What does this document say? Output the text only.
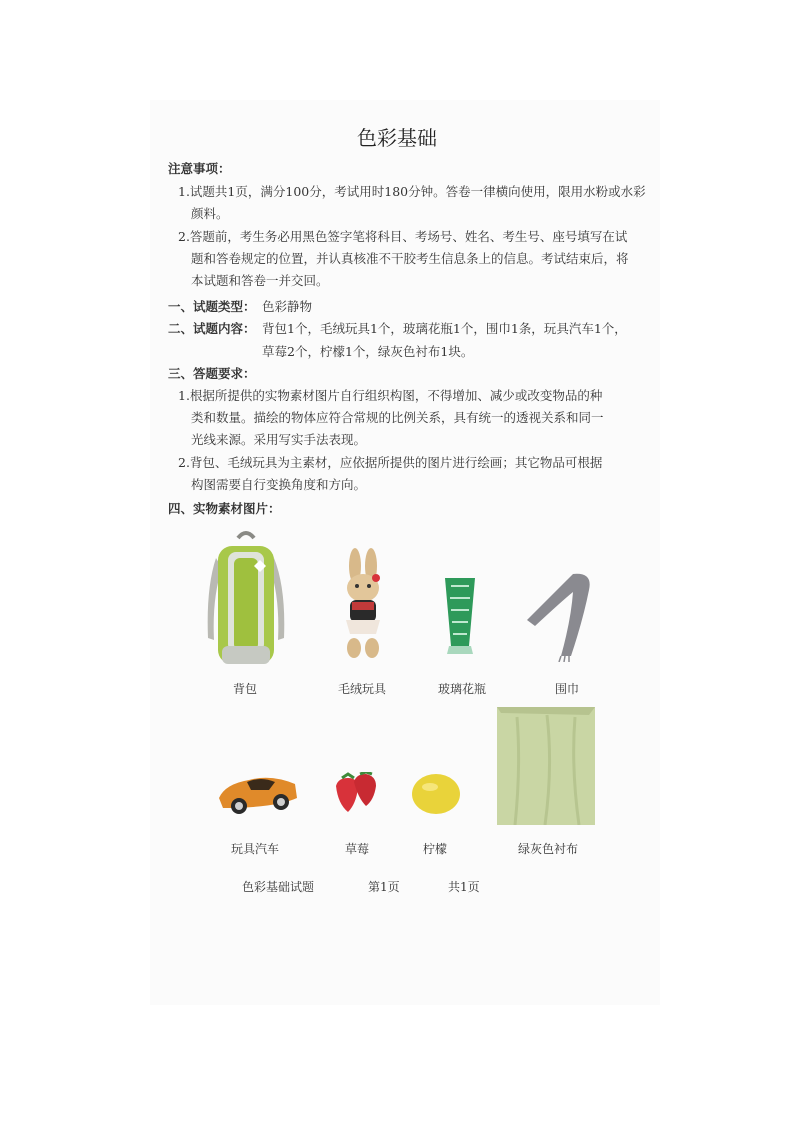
色彩基础
注意事项：
1.试题共1页，满分100分，考试用时180分钟。答卷一律横向使用，限用水粉或水彩
颜料。
2.答题前，考生务必用黑色签字笔将科目、考场号、姓名、考生号、座号填写在试
题和答卷规定的位置，并认真核准不干胶考生信息条上的信息。考试结束后，将
本试题和答卷一并交回。
一、试题类型： 色彩静物
二、试题内容： 背包1个，毛绒玩具1个，玻璃花瓶1个，围巾1条，玩具汽车1个，
草莓2个，柠檬1个，绿灰色衬布1块。
三、答题要求：
1.根据所提供的实物素材图片自行组织构图，不得增加、减少或改变物品的种
类和数量。描绘的物体应符合常规的比例关系，具有统一的透视关系和同一
光线来源。采用写实手法表现。
2.背包、毛绒玩具为主素材，应依据所提供的图片进行绘画；其它物品可根据
构图需要自行变换角度和方向。
四、实物素材图片：
背包	毛绒玩具	玻璃花瓶	围巾
玩具汽车	草莓	柠檬	绿灰色衬布
色彩基础试题	第1页	共1页
